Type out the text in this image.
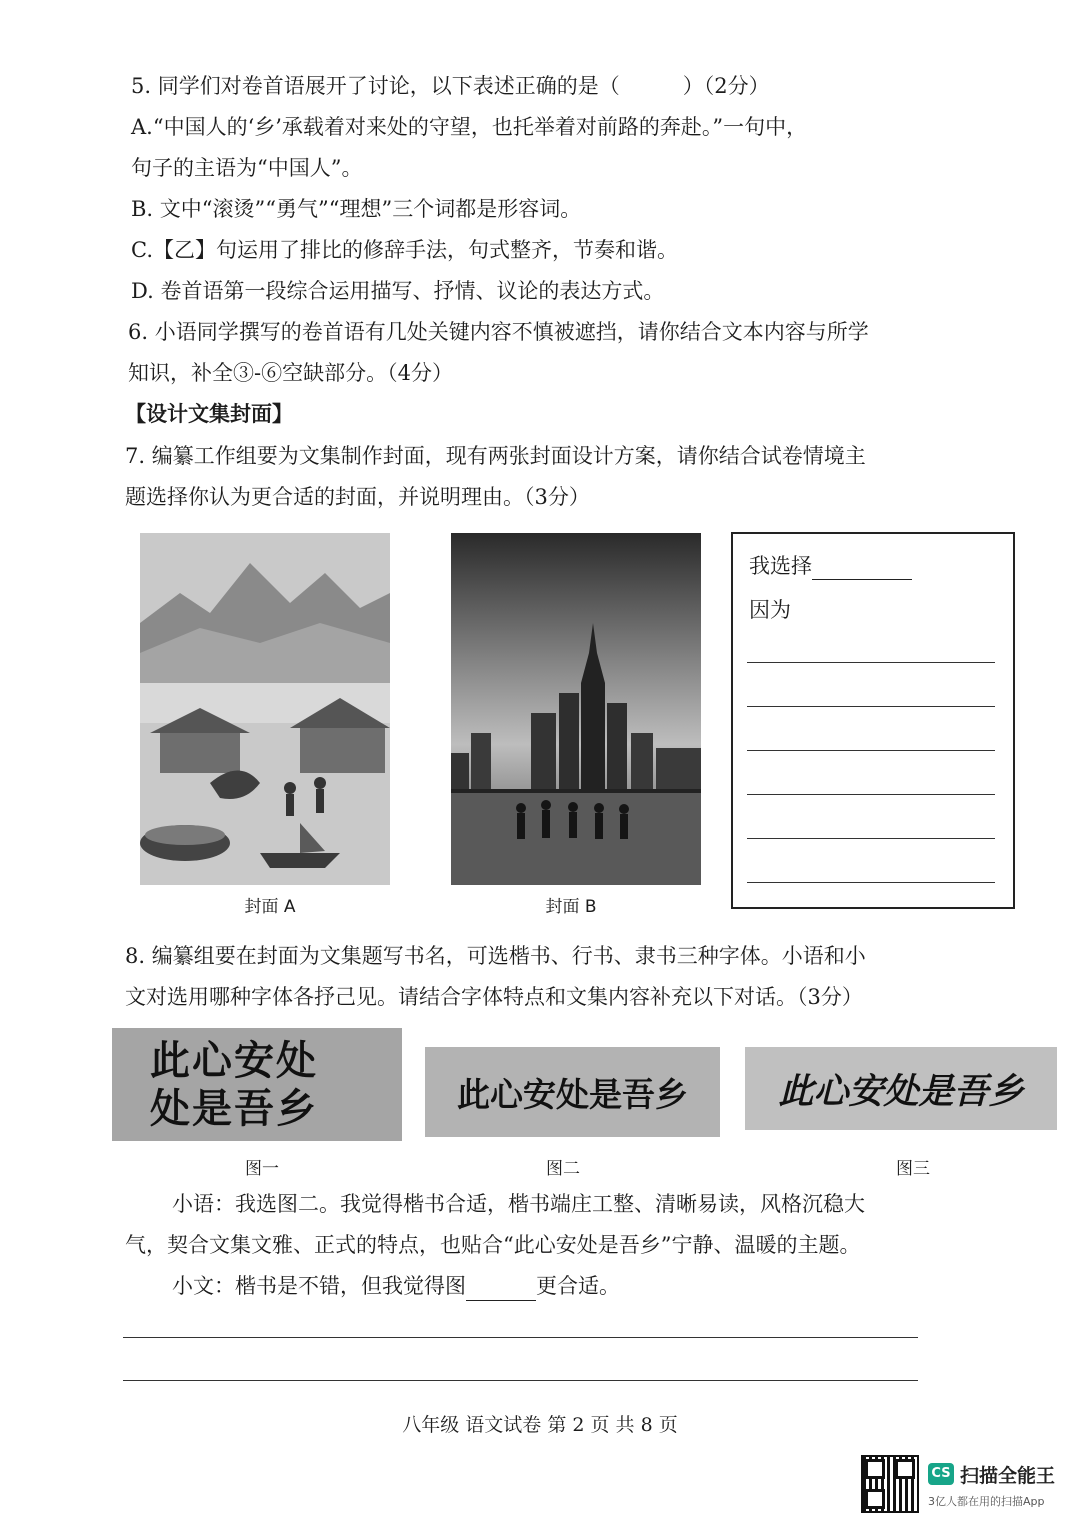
5. 同学们对卷首语展开了讨论，以下表述正确的是（　　　）（2分）
A.“中国人的‘乡’承载着对来处的守望，也托举着对前路的奔赴。”一句中，
句子的主语为“中国人”。
B. 文中“滚烫”“勇气”“理想”三个词都是形容词。
C.【乙】句运用了排比的修辞手法，句式整齐，节奏和谐。
D. 卷首语第一段综合运用描写、抒情、议论的表达方式。
6. 小语同学撰写的卷首语有几处关键内容不慎被遮挡，请你结合文本内容与所学
知识，补全③-⑥空缺部分。（4分）
【设计文集封面】
7. 编纂工作组要为文集制作封面，现有两张封面设计方案，请你结合试卷情境主
题选择你认为更合适的封面，并说明理由。（3分）
封面 A	封面 B
我选择
因为
8. 编纂组要在封面为文集题写书名，可选楷书、行书、隶书三种字体。小语和小
文对选用哪种字体各抒己见。请结合字体特点和文集内容补充以下对话。（3分）
此心安处
处是吾乡	此心安处是吾乡	此心安处是吾乡
图一	图二	图三
小语：我选图二。我觉得楷书合适，楷书端庄工整、清晰易读，风格沉稳大
气，契合文集文雅、正式的特点，也贴合“此心安处是吾乡”宁静、温暖的主题。
小文：楷书是不错，但我觉得图	更合适。
八年级 语文试卷 第 2 页 共 8 页
CS 扫描全能王
3亿人都在用的扫描App
